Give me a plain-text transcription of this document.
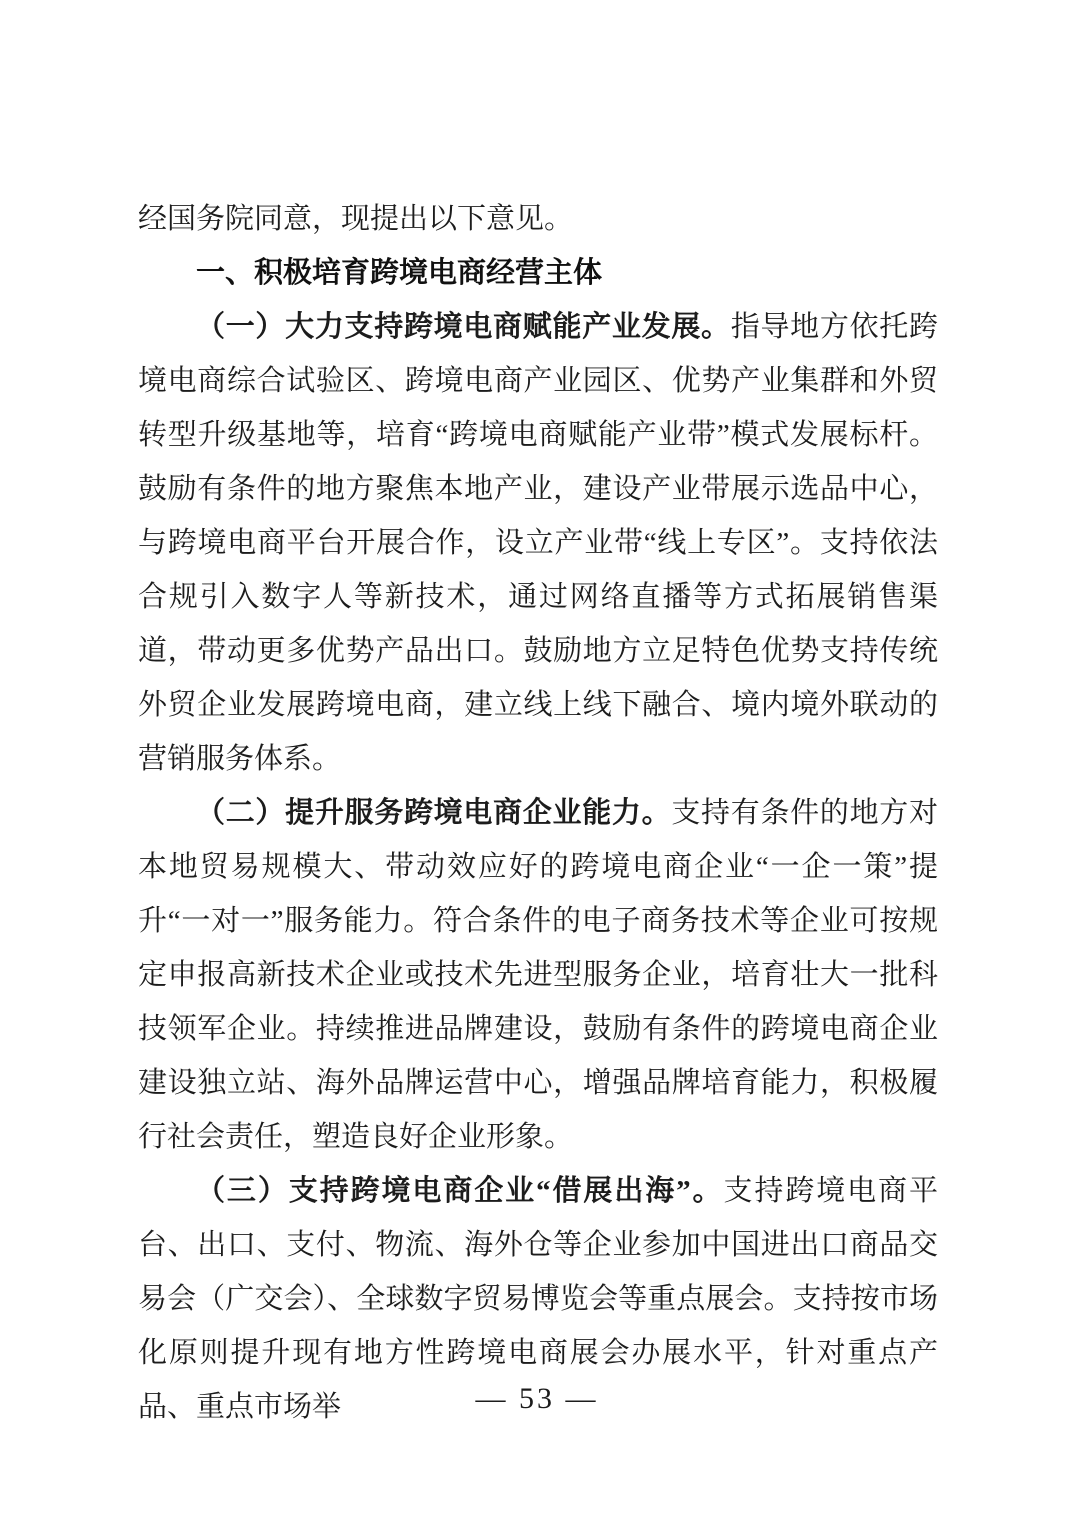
经国务院同意，现提出以下意见。

一、积极培育跨境电商经营主体

（一）大力支持跨境电商赋能产业发展。指导地方依托跨境电商综合试验区、跨境电商产业园区、优势产业集群和外贸转型升级基地等，培育“跨境电商赋能产业带”模式发展标杆。鼓励有条件的地方聚焦本地产业，建设产业带展示选品中心，与跨境电商平台开展合作，设立产业带“线上专区”。支持依法合规引入数字人等新技术，通过网络直播等方式拓展销售渠道，带动更多优势产品出口。鼓励地方立足特色优势支持传统外贸企业发展跨境电商，建立线上线下融合、境内境外联动的营销服务体系。

（二）提升服务跨境电商企业能力。支持有条件的地方对本地贸易规模大、带动效应好的跨境电商企业“一企一策”提升“一对一”服务能力。符合条件的电子商务技术等企业可按规定申报高新技术企业或技术先进型服务企业，培育壮大一批科技领军企业。持续推进品牌建设，鼓励有条件的跨境电商企业建设独立站、海外品牌运营中心，增强品牌培育能力，积极履行社会责任，塑造良好企业形象。

（三）支持跨境电商企业“借展出海”。支持跨境电商平台、出口、支付、物流、海外仓等企业参加中国进出口商品交易会（广交会）、全球数字贸易博览会等重点展会。支持按市场化原则提升现有地方性跨境电商展会办展水平，针对重点产品、重点市场举	— 53 —
